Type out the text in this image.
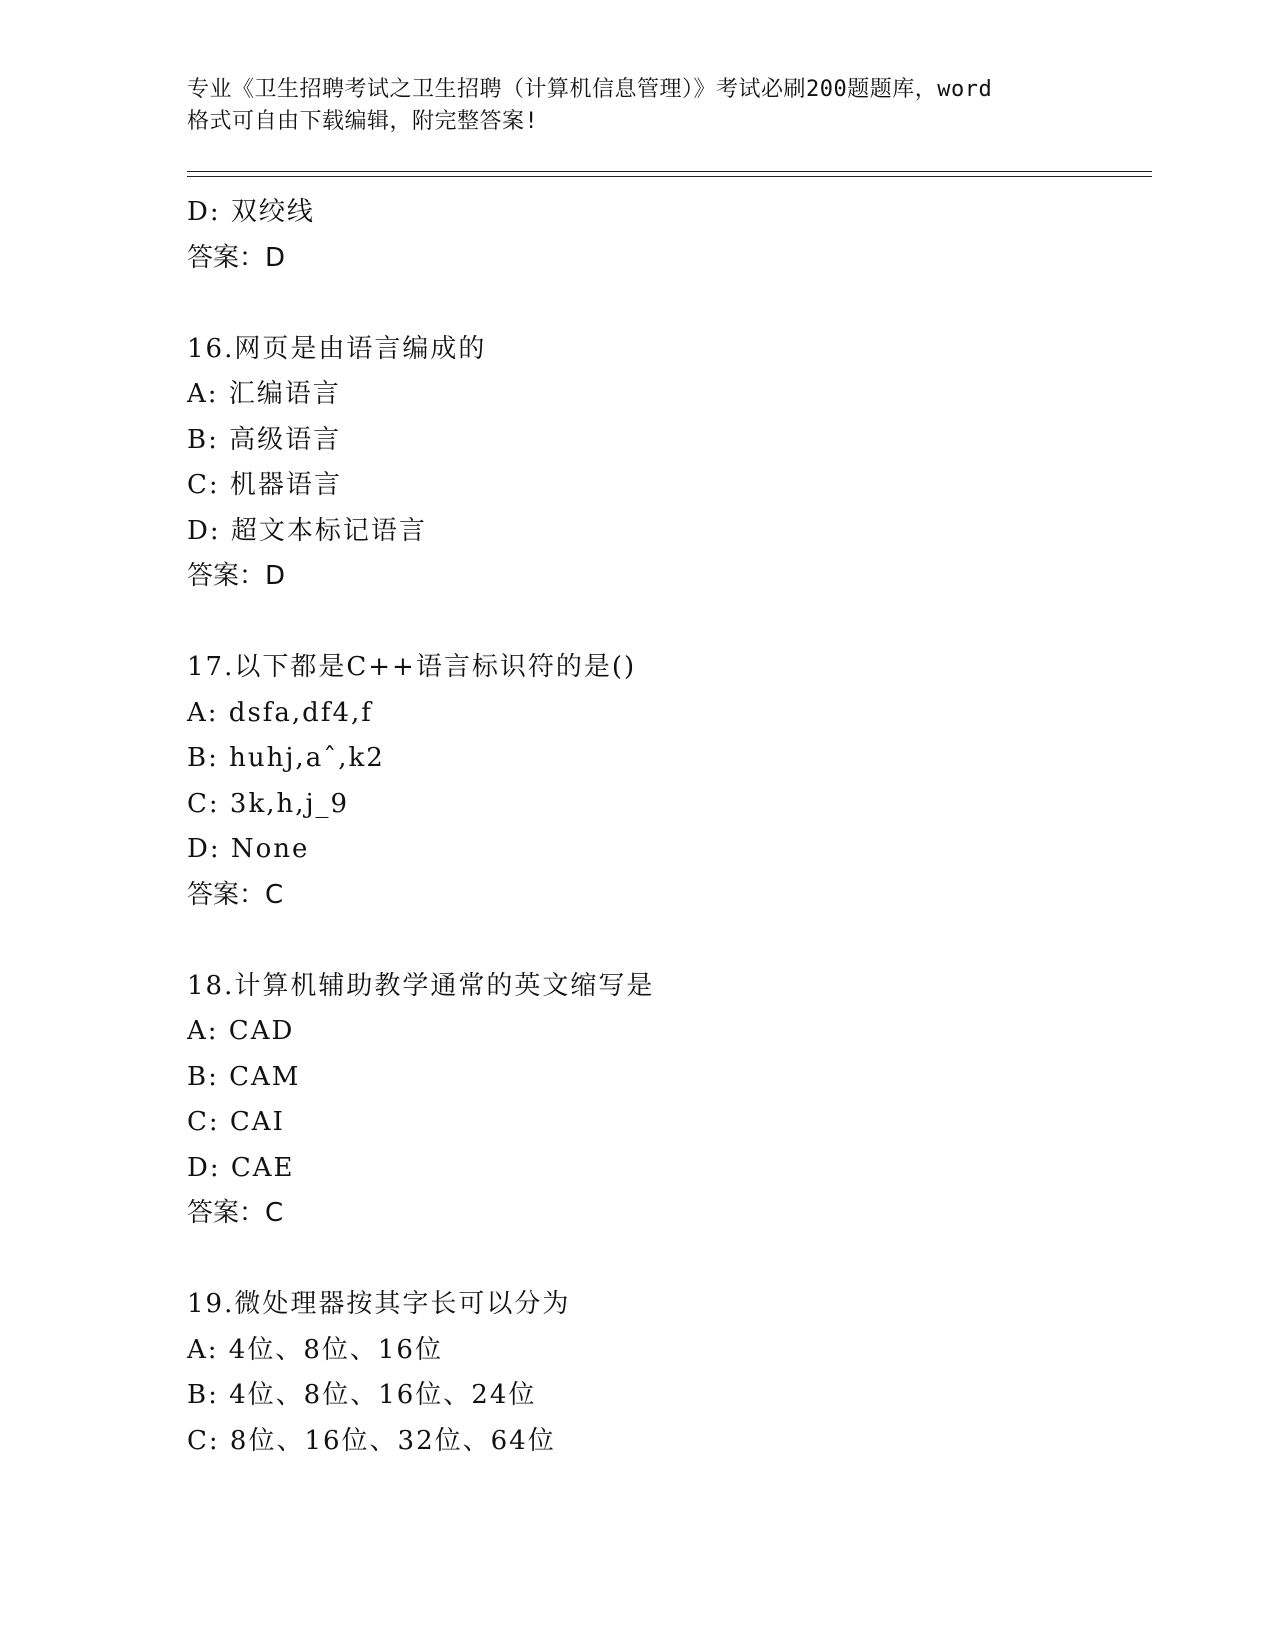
专业《卫生招聘考试之卫生招聘（计算机信息管理）》考试必刷200题题库，word
格式可自由下载编辑，附完整答案!
D: 双绞线
答案：D
16.网页是由语言编成的
A: 汇编语言
B: 高级语言
C: 机器语言
D: 超文本标记语言
答案：D
17.以下都是C++语言标识符的是()
A: dsfa,df4,f
B: huhj,aˆ,k2
C: 3k,h,j_9
D: None
答案：C
18.计算机辅助教学通常的英文缩写是
A: CAD
B: CAM
C: CAI
D: CAE
答案：C
19.微处理器按其字长可以分为
A: 4位、8位、16位
B: 4位、8位、16位、24位
C: 8位、16位、32位、64位
